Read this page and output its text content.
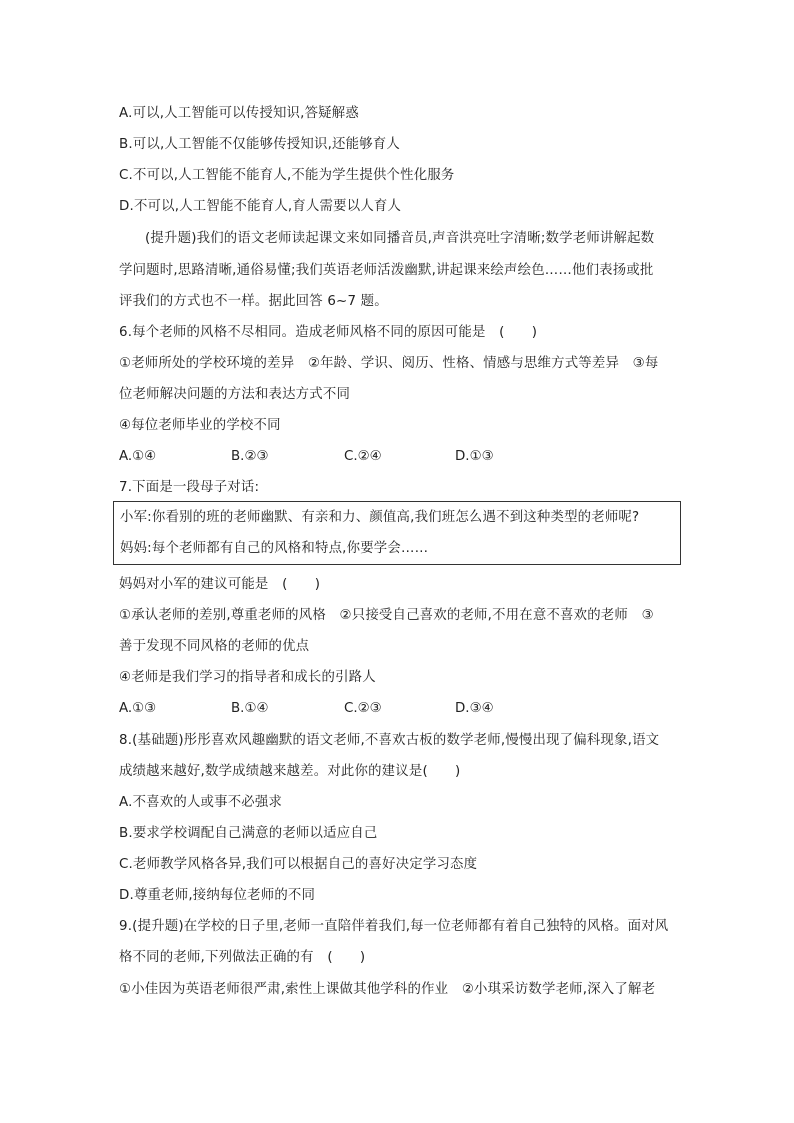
A.可以,人工智能可以传授知识,答疑解惑
B.可以,人工智能不仅能够传授知识,还能够育人
C.不可以,人工智能不能育人,不能为学生提供个性化服务
D.不可以,人工智能不能育人,育人需要以人育人
(提升题)我们的语文老师读起课文来如同播音员,声音洪亮吐字清晰;数学老师讲解起数
学问题时,思路清晰,通俗易懂;我们英语老师活泼幽默,讲起课来绘声绘色……他们表扬或批
评我们的方式也不一样。据此回答 6~7 题。
6.每个老师的风格不尽相同。造成老师风格不同的原因可能是　(　　)
①老师所处的学校环境的差异　②年龄、学识、阅历、性格、情感与思维方式等差异　③每
位老师解决问题的方法和表达方式不同
④每位老师毕业的学校不同
A.①④	B.②③	C.②④	D.①③
7.下面是一段母子对话:
小军:你看别的班的老师幽默、有亲和力、颜值高,我们班怎么遇不到这种类型的老师呢?
妈妈:每个老师都有自己的风格和特点,你要学会……
妈妈对小军的建议可能是　(　　)
①承认老师的差别,尊重老师的风格　②只接受自己喜欢的老师,不用在意不喜欢的老师　③
善于发现不同风格的老师的优点
④老师是我们学习的指导者和成长的引路人
A.①③	B.①④	C.②③	D.③④
8.(基础题)彤彤喜欢风趣幽默的语文老师,不喜欢古板的数学老师,慢慢出现了偏科现象,语文
成绩越来越好,数学成绩越来越差。对此你的建议是(　　)
A.不喜欢的人或事不必强求
B.要求学校调配自己满意的老师以适应自己
C.老师教学风格各异,我们可以根据自己的喜好决定学习态度
D.尊重老师,接纳每位老师的不同
9.(提升题)在学校的日子里,老师一直陪伴着我们,每一位老师都有着自己独特的风格。面对风
格不同的老师,下列做法正确的有　(　　)
①小佳因为英语老师很严肃,索性上课做其他学科的作业　②小琪采访数学老师,深入了解老
